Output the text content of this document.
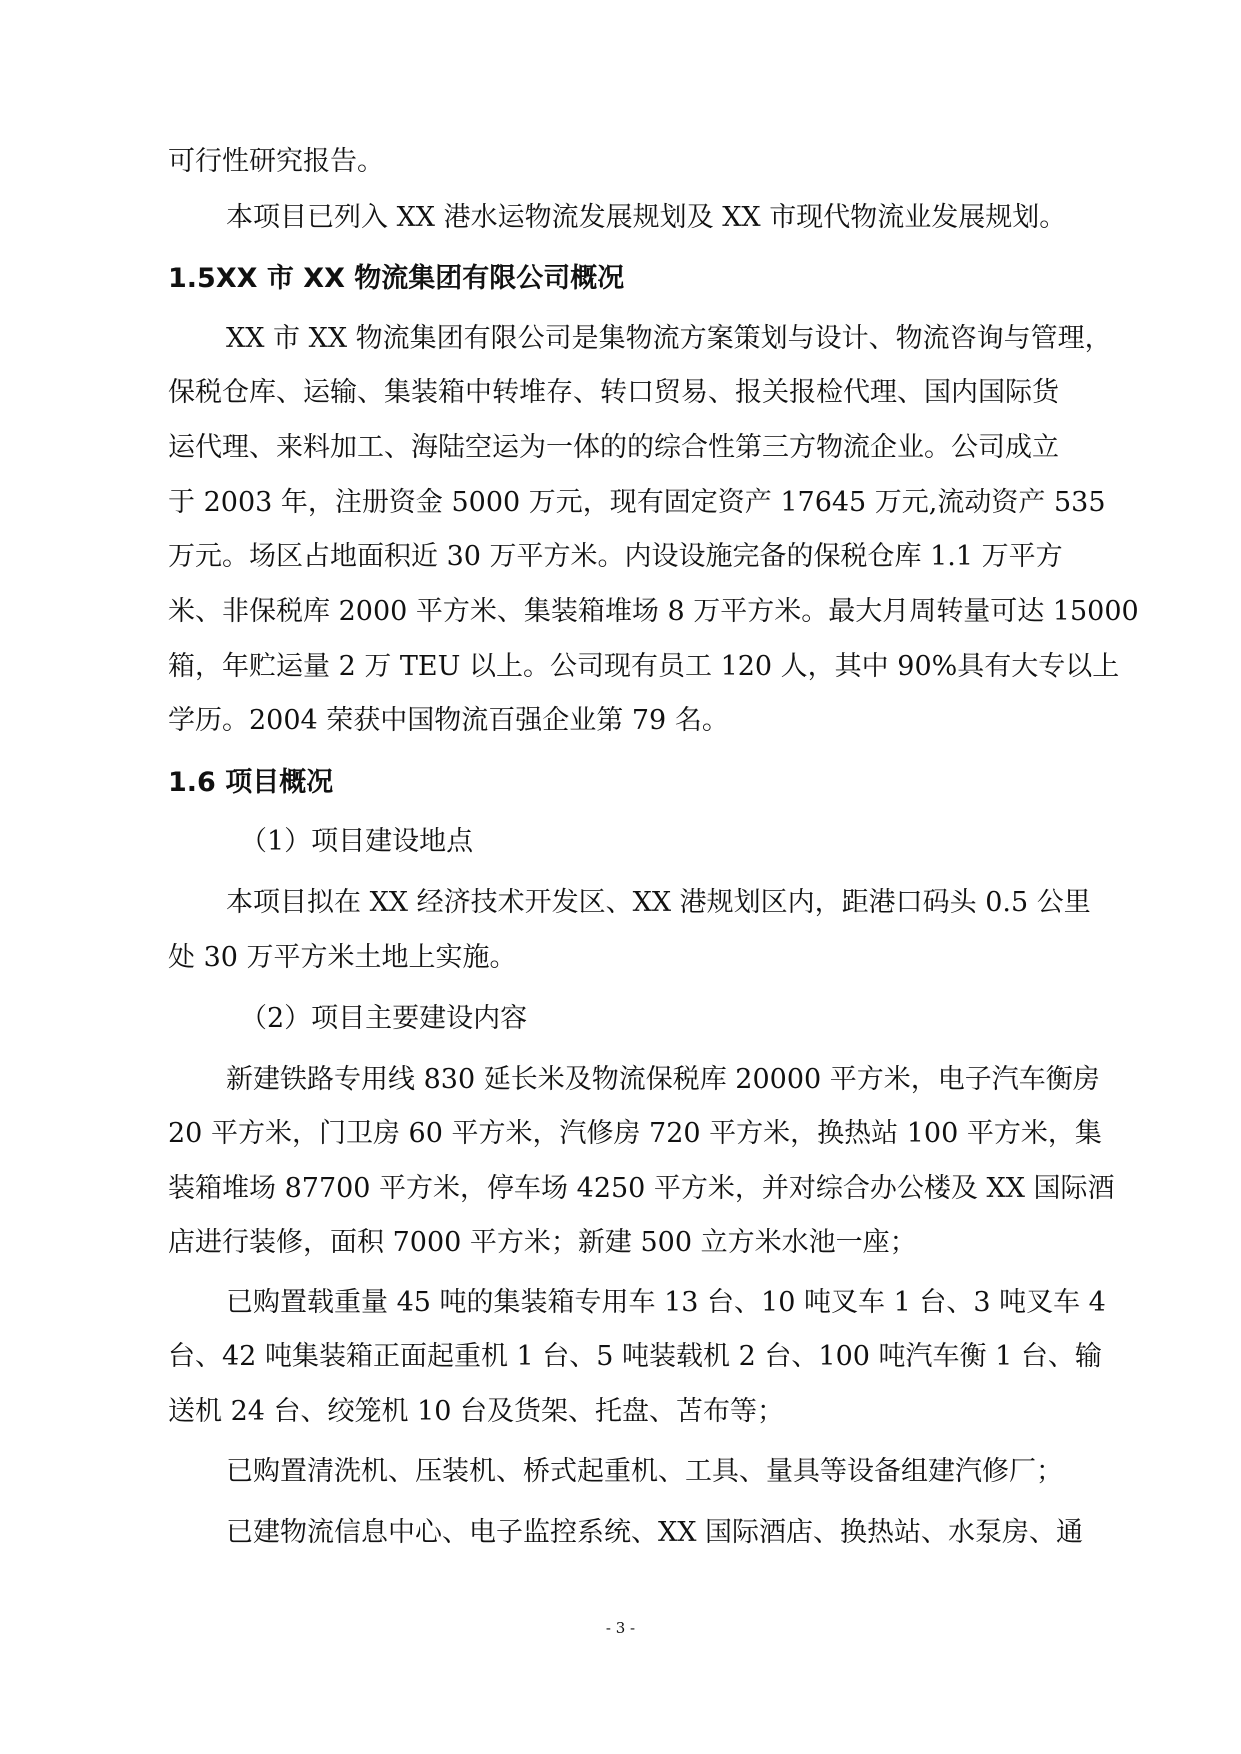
可行性研究报告。
本项目已列入 XX 港水运物流发展规划及 XX 市现代物流业发展规划。
1.5XX 市 XX 物流集团有限公司概况
XX 市 XX 物流集团有限公司是集物流方案策划与设计、物流咨询与管理，
保税仓库、运输、集装箱中转堆存、转口贸易、报关报检代理、国内国际货
运代理、来料加工、海陆空运为一体的的综合性第三方物流企业。公司成立
于 2003 年，注册资金 5000 万元，现有固定资产 17645 万元,流动资产 535
万元。场区占地面积近 30 万平方米。内设设施完备的保税仓库 1.1 万平方
米、非保税库 2000 平方米、集装箱堆场 8 万平方米。最大月周转量可达 15000
箱，年贮运量 2 万 TEU 以上。公司现有员工 120 人，其中 90%具有大专以上
学历。2004 荣获中国物流百强企业第 79 名。
1.6 项目概况
（1）项目建设地点
本项目拟在 XX 经济技术开发区、XX 港规划区内，距港口码头 0.5 公里
处 30 万平方米土地上实施。
（2）项目主要建设内容
新建铁路专用线 830 延长米及物流保税库 20000 平方米，电子汽车衡房
20 平方米，门卫房 60 平方米，汽修房 720 平方米，换热站 100 平方米，集
装箱堆场 87700 平方米，停车场 4250 平方米，并对综合办公楼及 XX 国际酒
店进行装修，面积 7000 平方米；新建 500 立方米水池一座；
已购置载重量 45 吨的集装箱专用车 13 台、10 吨叉车 1 台、3 吨叉车 4
台、42 吨集装箱正面起重机 1 台、5 吨装载机 2 台、100 吨汽车衡 1 台、输
送机 24 台、绞笼机 10 台及货架、托盘、苫布等；
已购置清洗机、压装机、桥式起重机、工具、量具等设备组建汽修厂；
已建物流信息中心、电子监控系统、XX 国际酒店、换热站、水泵房、通
- 3 -
